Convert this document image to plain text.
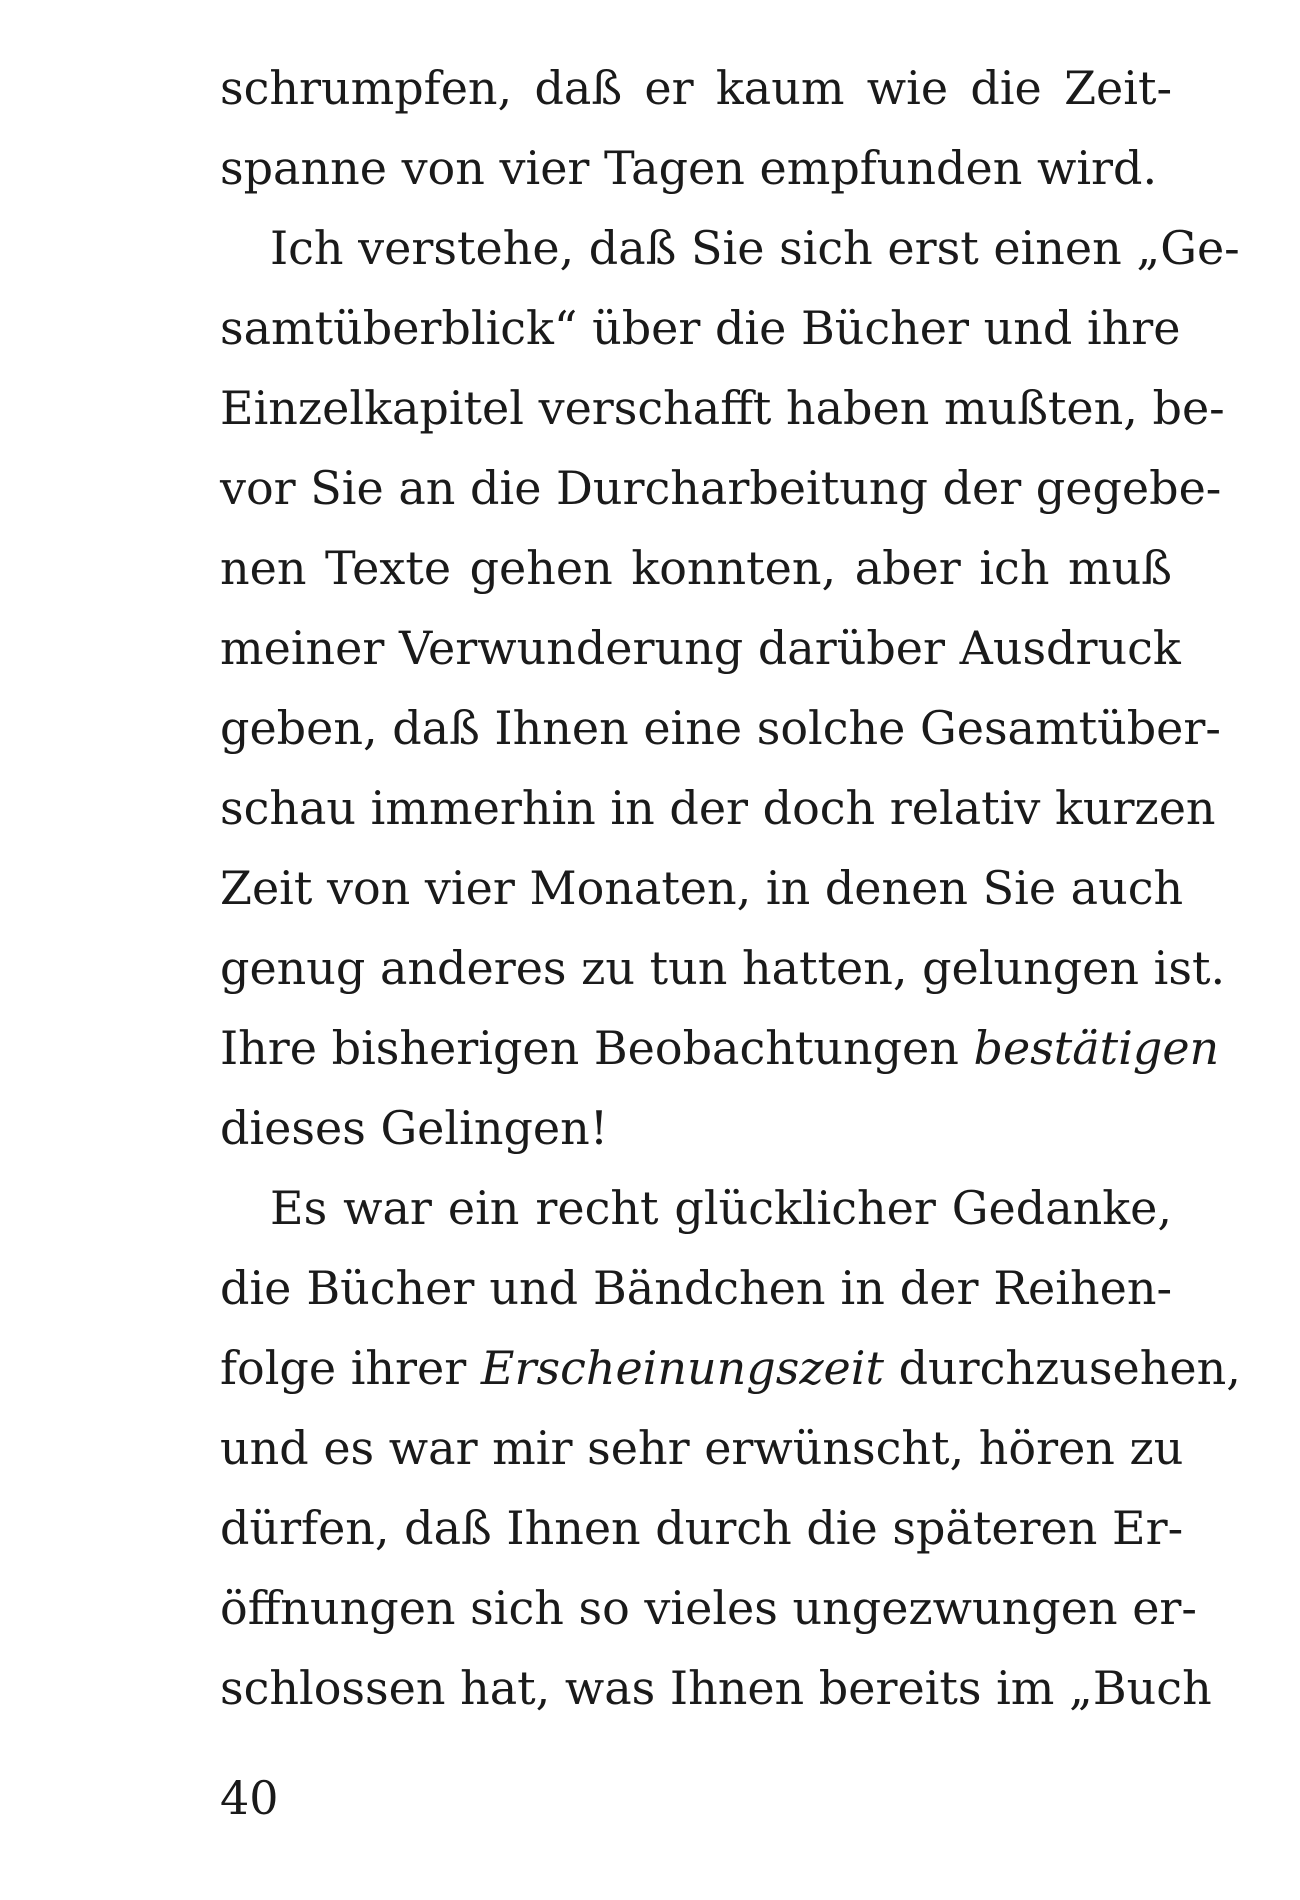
schrumpfen, daß er kaum wie die Zeit-
spanne von vier Tagen empfunden wird.
Ich verstehe, daß Sie sich erst einen „Ge-
samtüberblick“ über die Bücher und ihre
Einzelkapitel verschafft haben mußten, be-
vor Sie an die Durcharbeitung der gegebe-
nen Texte gehen konnten, aber ich muß
meiner Verwunderung darüber Ausdruck
geben, daß Ihnen eine solche Gesamtüber-
schau immerhin in der doch relativ kurzen
Zeit von vier Monaten, in denen Sie auch
genug anderes zu tun hatten, gelungen ist.
Ihre bisherigen Beobachtungen bestätigen
dieses Gelingen!
Es war ein recht glücklicher Gedanke,
die Bücher und Bändchen in der Reihen-
folge ihrer Erscheinungszeit durchzusehen,
und es war mir sehr erwünscht, hören zu
dürfen, daß Ihnen durch die späteren Er-
öffnungen sich so vieles ungezwungen er-
schlossen hat, was Ihnen bereits im „Buch
40
